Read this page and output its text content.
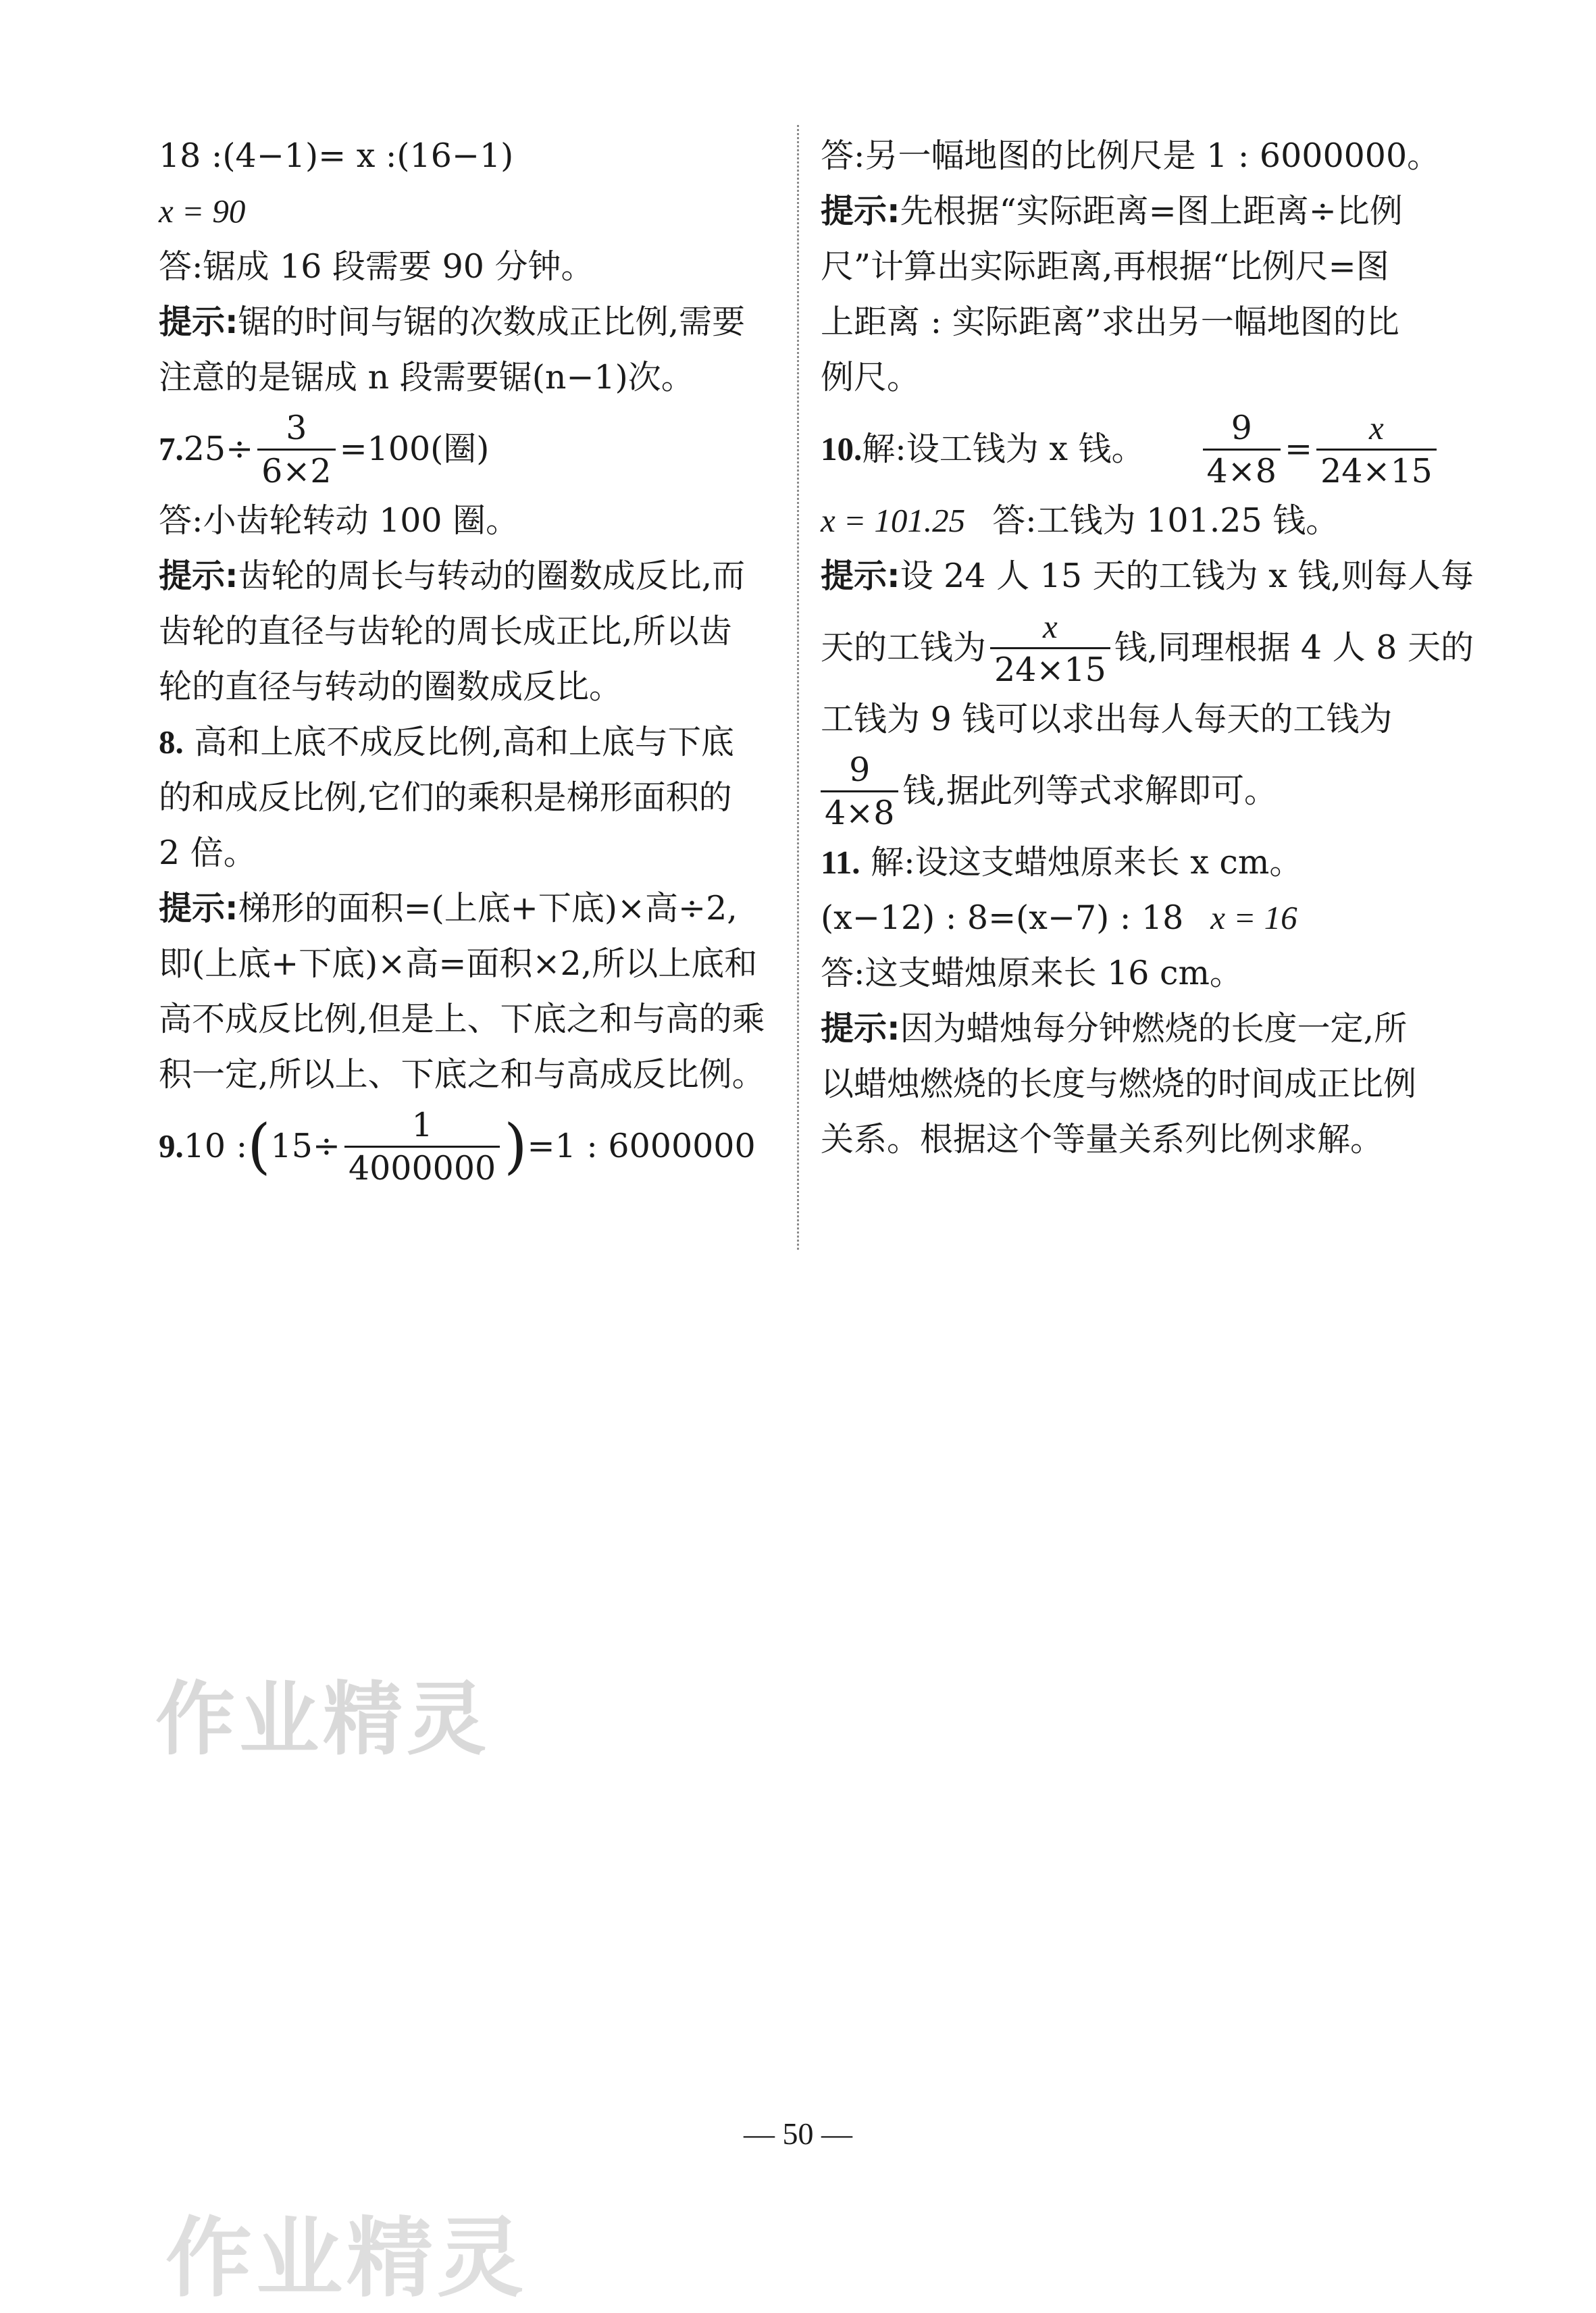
18 :(4−1)= x :(16−1)
x = 90
答:锯成 16 段需要 90 分钟。
提示:锯的时间与锯的次数成正比例,需要
注意的是锯成 n 段需要锯(n−1)次。
7. $25\div \frac{3}{6\times 2} =100$(圈)
答:小齿轮转动 100 圈。
提示:齿轮的周长与转动的圈数成反比,而
齿轮的直径与齿轮的周长成正比,所以齿
轮的直径与转动的圈数成反比。
8. 高和上底不成反比例,高和上底与下底
的和成反比例,它们的乘积是梯形面积的
2 倍。
提示:梯形的面积=(上底+下底)×高÷2,
即(上底+下底)×高=面积×2,所以上底和
高不成反比例,但是上、下底之和与高的乘
积一定,所以上、下底之和与高成反比例。
9. 10 : ( $15\div \frac{1}{4000000}$ ) =1 : 6000000
答:另一幅地图的比例尺是 1 : 6000000。
提示:先根据“实际距离=图上距离÷比例
尺”计算出实际距离,再根据“比例尺=图
上距离 : 实际距离”求出另一幅地图的比
例尺。
10. 解:设工钱为 x 钱。 $\frac{9}{4\times 8} = \frac{x}{24\times 15}$
x = 101.25 答:工钱为 101.25 钱。
提示:设 24 人 15 天的工钱为 x 钱,则每人每
天的工钱为 $\frac{x}{24\times 15}$ 钱,同理根据 4 人 8 天的
工钱为 9 钱可以求出每人每天的工钱为
$\frac{9}{4\times 8}$ 钱,据此列等式求解即可。
11. 解:设这支蜡烛原来长 x cm。
(x−12) : 8=(x−7) : 18 x = 16
答:这支蜡烛原来长 16 cm。
提示:因为蜡烛每分钟燃烧的长度一定,所
以蜡烛燃烧的长度与燃烧的时间成正比例
关系。根据这个等量关系列比例求解。
作业精灵
— 50 —
作业精灵
